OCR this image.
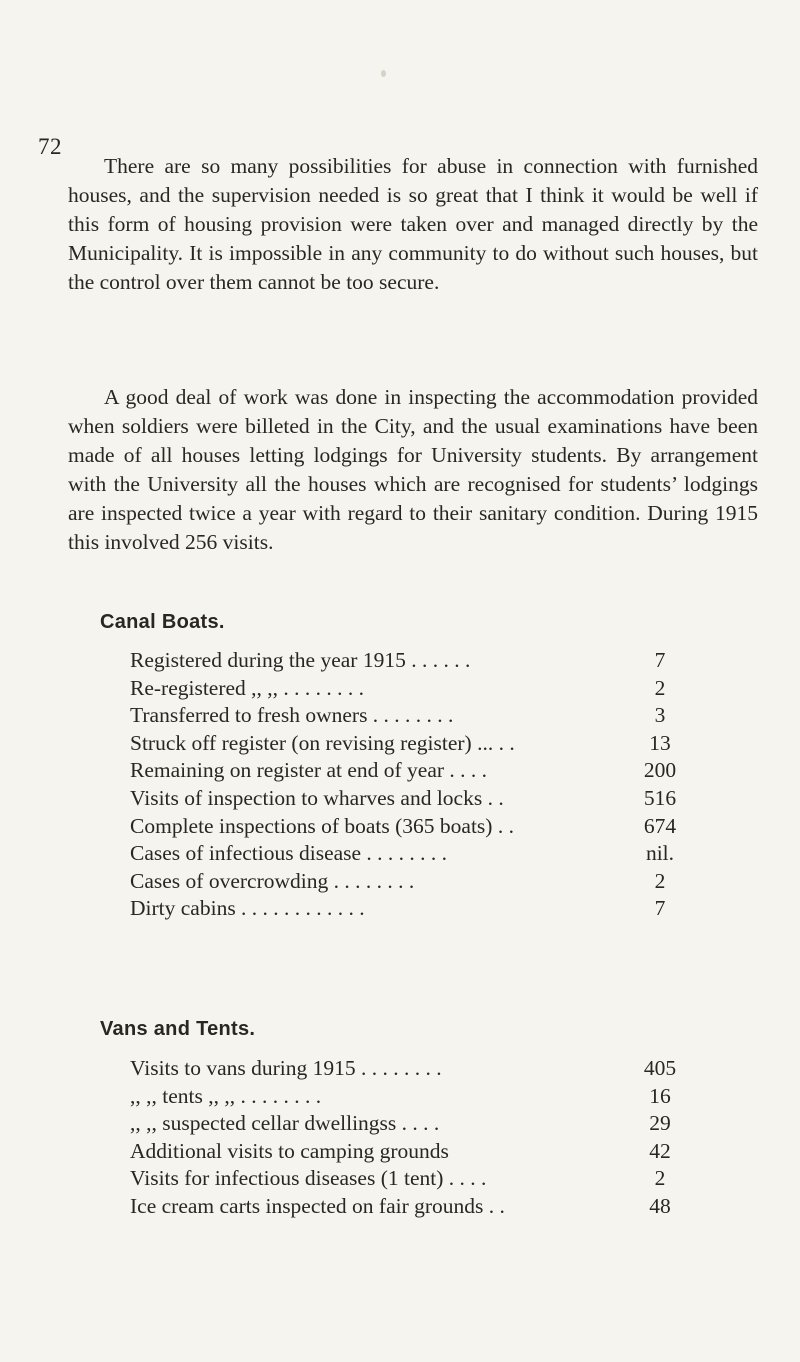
72

There are so many possibilities for abuse in connection with furnished houses, and the supervision needed is so great that I think it would be well if this form of housing provision were taken over and managed directly by the Municipality. It is impossible in any community to do without such houses, but the control over them cannot be too secure.

A good deal of work was done in inspecting the accommodation provided when soldiers were billeted in the City, and the usual examinations have been made of all houses letting lodgings for University students. By arrangement with the University all the houses which are recognised for students’ lodgings are inspected twice a year with regard to their sanitary condition. During 1915 this involved 256 visits.

Canal Boats.
Registered during the year 1915 . . . . . .	7
Re-registered ,, ,, . . . . . . . .	2
Transferred to fresh owners . . . . . . . .	3
Struck off register (on revising register) ... . .	13
Remaining on register at end of year . . . .	200
Visits of inspection to wharves and locks . .	516
Complete inspections of boats (365 boats) . .	674
Cases of infectious disease . . . . . . . .	nil.
Cases of overcrowding . . . . . . . .	2
Dirty cabins . . . . . . . . . . . .	7
Vans and Tents.
Visits to vans during 1915 . . . . . . . .	405
,, ,, tents ,, ,, . . . . . . . .	16
,, ,, suspected cellar dwellingss . . . .	29
Additional visits to camping grounds	42
Visits for infectious diseases (1 tent) . . . .	2
Ice cream carts inspected on fair grounds . .	48
